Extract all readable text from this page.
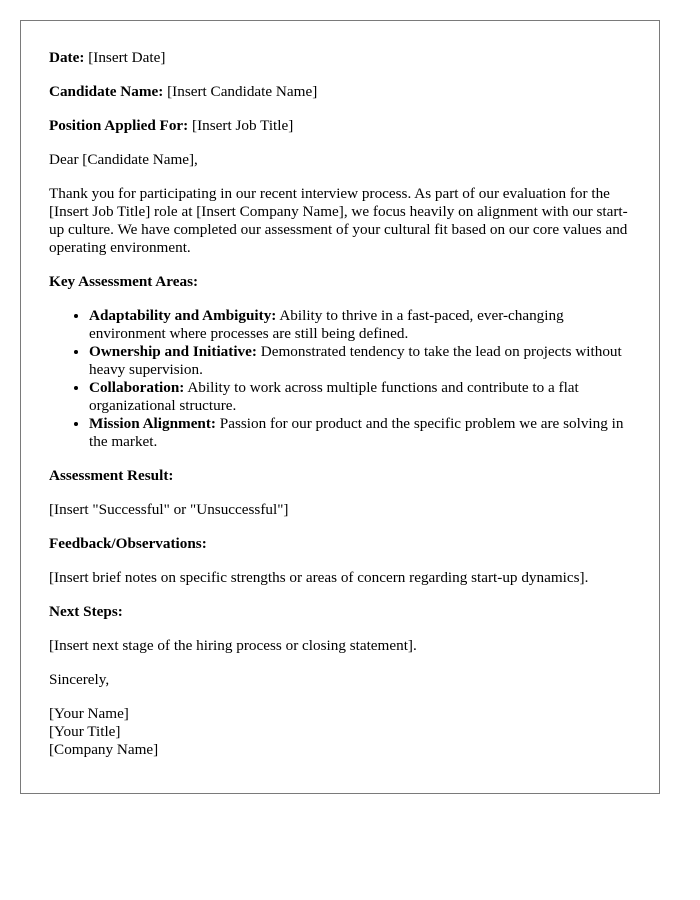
Date: [Insert Date]

Candidate Name: [Insert Candidate Name]

Position Applied For: [Insert Job Title]

Dear [Candidate Name],

Thank you for participating in our recent interview process. As part of our evaluation for the [Insert Job Title] role at [Insert Company Name], we focus heavily on alignment with our start-up culture. We have completed our assessment of your cultural fit based on our core values and operating environment.

Key Assessment Areas:

• Adaptability and Ambiguity: Ability to thrive in a fast-paced, ever-changing environment where processes are still being defined.
• Ownership and Initiative: Demonstrated tendency to take the lead on projects without heavy supervision.
• Collaboration: Ability to work across multiple functions and contribute to a flat organizational structure.
• Mission Alignment: Passion for our product and the specific problem we are solving in the market.

Assessment Result:

[Insert "Successful" or "Unsuccessful"]

Feedback/Observations:

[Insert brief notes on specific strengths or areas of concern regarding start-up dynamics].

Next Steps:

[Insert next stage of the hiring process or closing statement].

Sincerely,

[Your Name]
[Your Title]
[Company Name]
